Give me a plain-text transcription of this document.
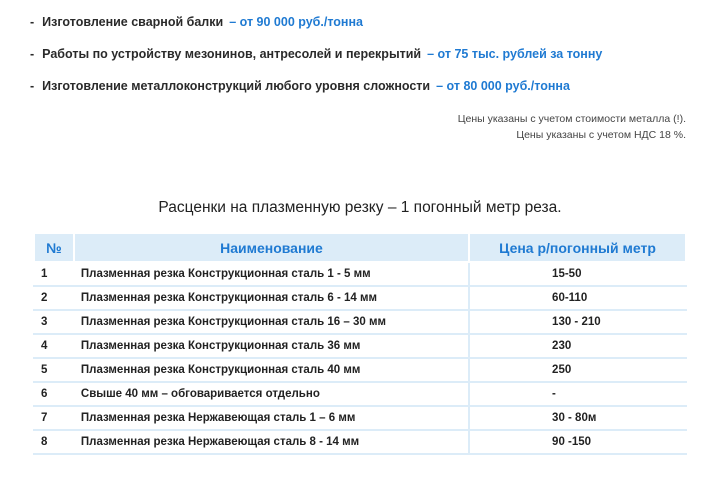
- Изготовление сварной балки – от 90 000 руб./тонна
- Работы по устройству мезонинов, антресолей и перекрытий – от 75 тыс. рублей за тонну
- Изготовление металлоконструкций любого уровня сложности – от 80 000 руб./тонна
Цены указаны с учетом стоимости металла (!).
Цены указаны с учетом НДС 18 %.
Расценки на плазменную резку – 1 погонный метр реза.
№	Наименование	Цена р/погонный метр
1	Плазменная резка Конструкционная сталь 1 - 5 мм	15-50
2	Плазменная резка Конструкционная сталь 6 - 14 мм	60-110
3	Плазменная резка Конструкционная сталь 16 – 30 мм	130 - 210
4	Плазменная резка Конструкционная сталь 36 мм	230
5	Плазменная резка Конструкционная сталь 40 мм	250
6	Свыше 40 мм – обговаривается отдельно	-
7	Плазменная резка Нержавеющая сталь 1 – 6 мм	30 - 80м
8	Плазменная резка Нержавеющая сталь 8 - 14 мм	90 -150
